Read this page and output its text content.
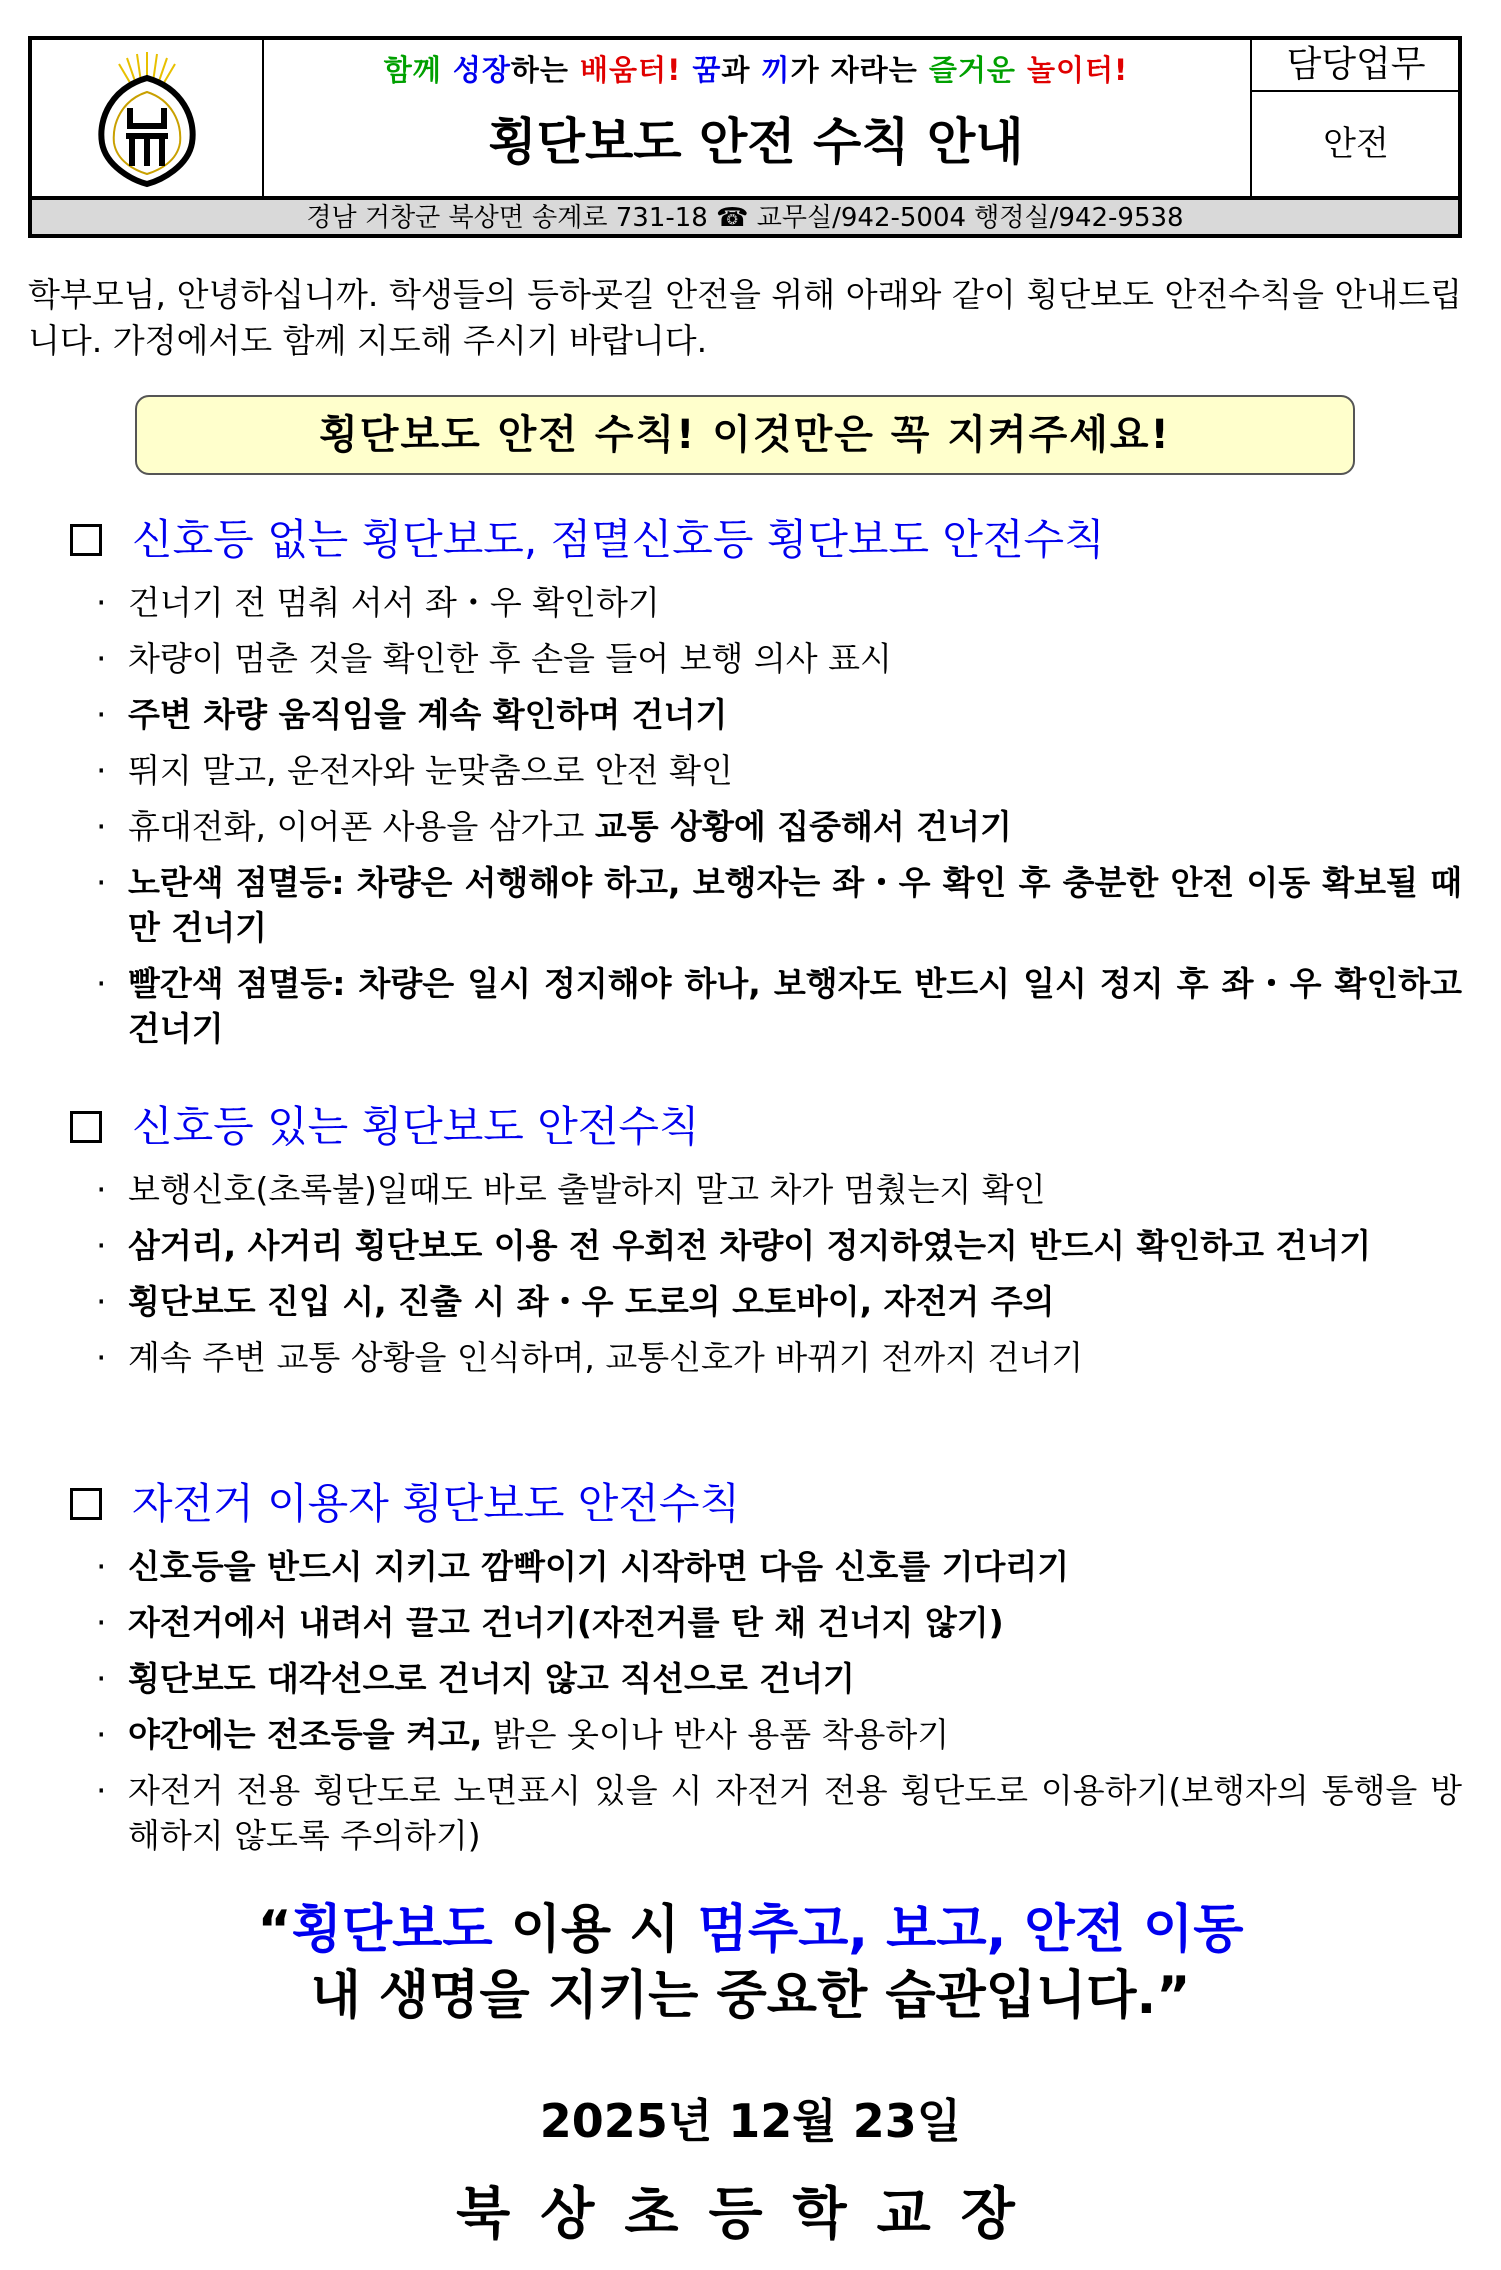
함께 성장하는 배움터! 꿈과 끼가 자라는 즐거운 놀이터!
횡단보도 안전 수칙 안내
담당업무
안전
경남 거창군 북상면 송계로 731-18 ☎ 교무실/942-5004 행정실/942-9538
학부모님, 안녕하십니까. 학생들의 등하굣길 안전을 위해 아래와 같이 횡단보도 안전수칙을 안내드립니다. 가정에서도 함께 지도해 주시기 바랍니다.
횡단보도 안전 수칙! 이것만은 꼭 지켜주세요!
신호등 없는 횡단보도, 점멸신호등 횡단보도 안전수칙
· 건너기 전 멈춰 서서 좌・우 확인하기
· 차량이 멈춘 것을 확인한 후 손을 들어 보행 의사 표시
· 주변 차량 움직임을 계속 확인하며 건너기
· 뛰지 말고, 운전자와 눈맞춤으로 안전 확인
· 휴대전화, 이어폰 사용을 삼가고 교통 상황에 집중해서 건너기
· 노란색 점멸등: 차량은 서행해야 하고, 보행자는 좌・우 확인 후 충분한 안전 이동 확보될 때만 건너기
· 빨간색 점멸등: 차량은 일시 정지해야 하나, 보행자도 반드시 일시 정지 후 좌・우 확인하고 건너기
신호등 있는 횡단보도 안전수칙
· 보행신호(초록불)일때도 바로 출발하지 말고 차가 멈췄는지 확인
· 삼거리, 사거리 횡단보도 이용 전 우회전 차량이 정지하였는지 반드시 확인하고 건너기
· 횡단보도 진입 시, 진출 시 좌・우 도로의 오토바이, 자전거 주의
· 계속 주변 교통 상황을 인식하며, 교통신호가 바뀌기 전까지 건너기
자전거 이용자 횡단보도 안전수칙
· 신호등을 반드시 지키고 깜빡이기 시작하면 다음 신호를 기다리기
· 자전거에서 내려서 끌고 건너기(자전거를 탄 채 건너지 않기)
· 횡단보도 대각선으로 건너지 않고 직선으로 건너기
· 야간에는 전조등을 켜고, 밝은 옷이나 반사 용품 착용하기
· 자전거 전용 횡단도로 노면표시 있을 시 자전거 전용 횡단도로 이용하기(보행자의 통행을 방해하지 않도록 주의하기)
“횡단보도 이용 시 멈추고, 보고, 안전 이동
내 생명을 지키는 중요한 습관입니다.”
2025년 12월 23일
북상초등학교장
